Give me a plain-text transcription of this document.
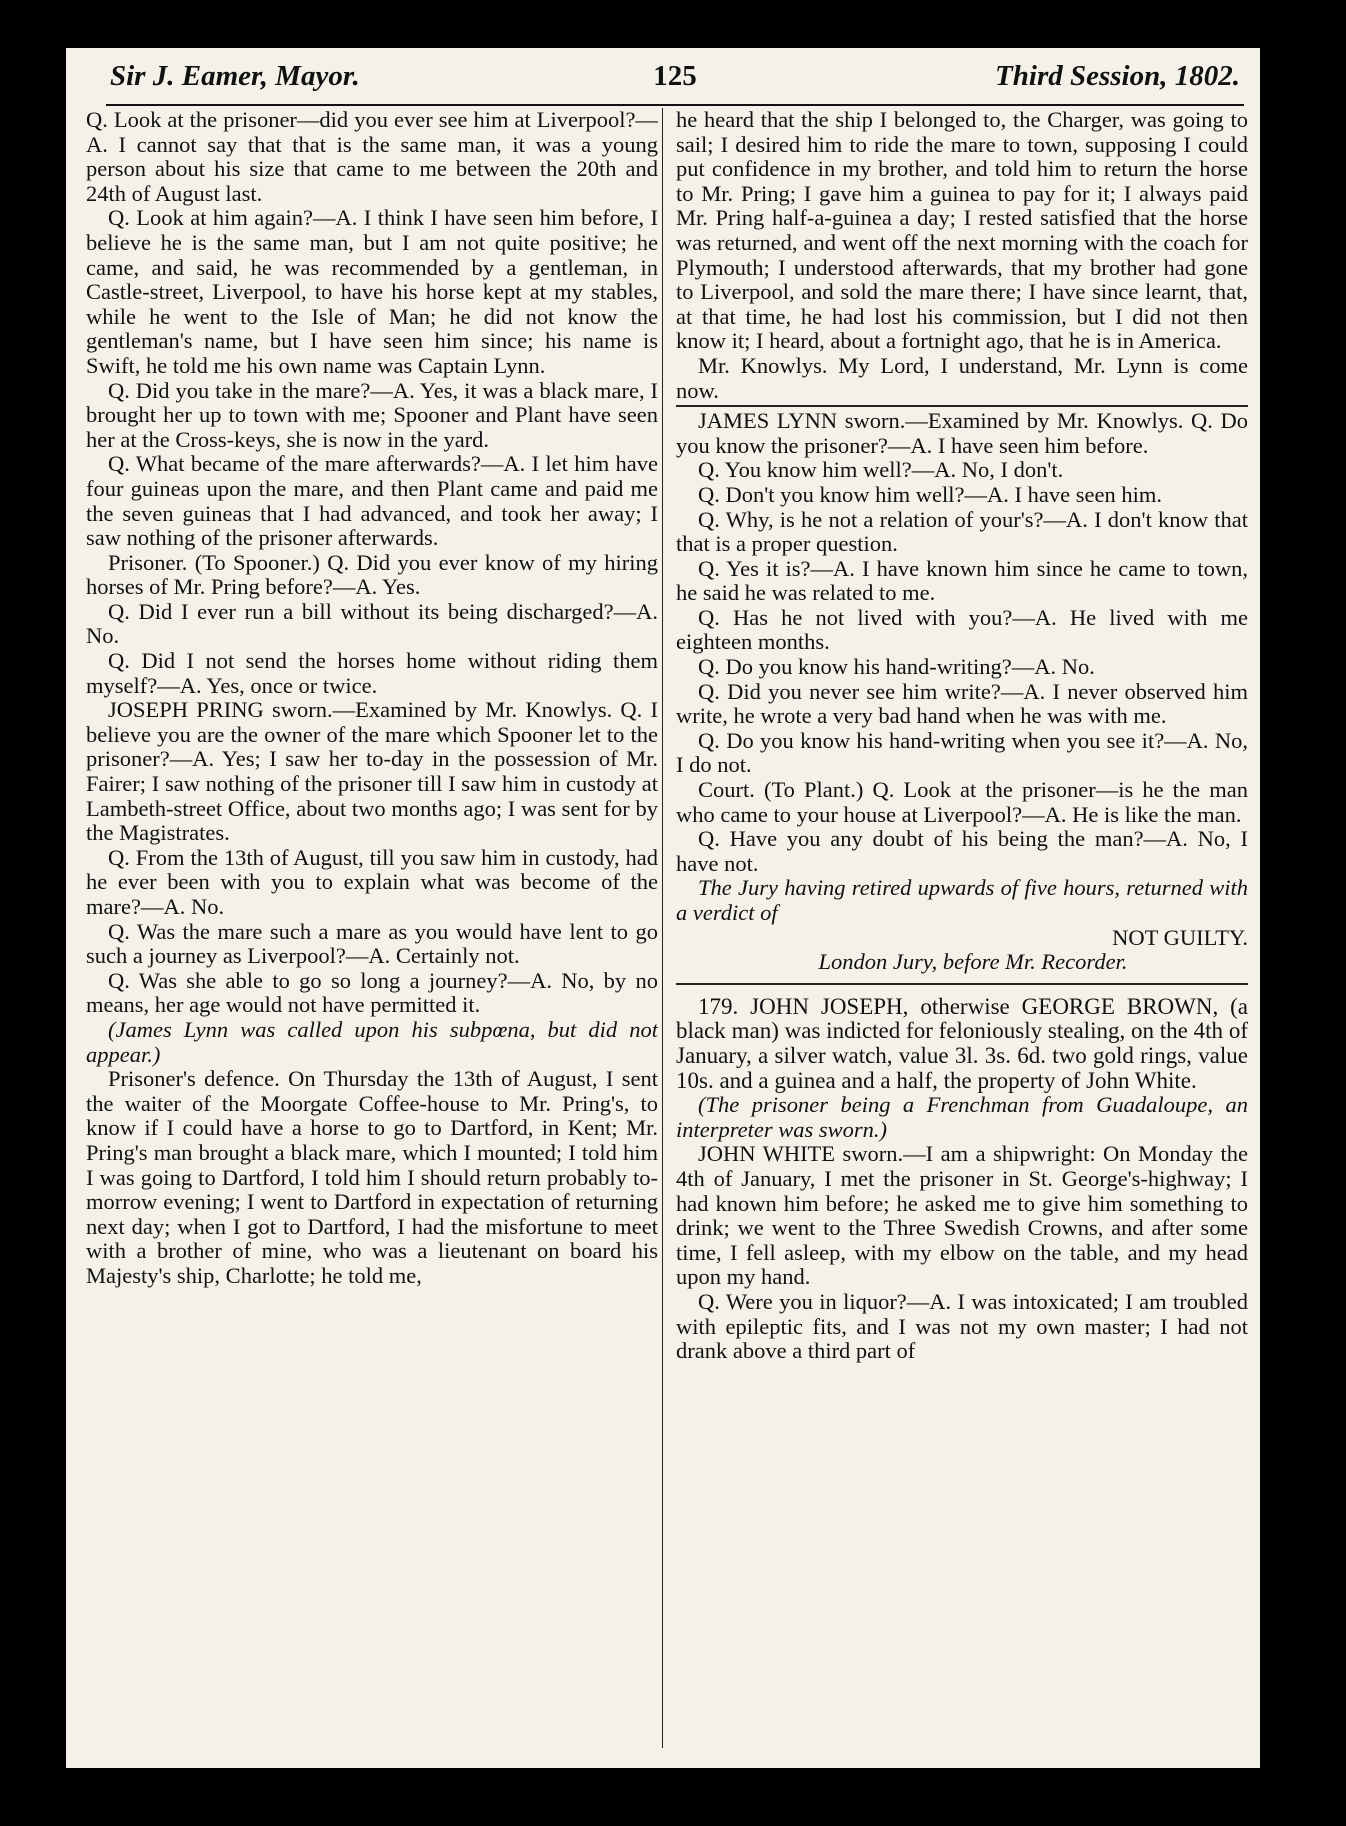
Sir J. Eamer, Mayor.	125	Third Session, 1802.

Q. Look at the prisoner—did you ever see him at Liverpool?—A. I cannot say that that is the same man, it was a young person about his size that came to me between the 20th and 24th of August last.

Q. Look at him again?—A. I think I have seen him before, I believe he is the same man, but I am not quite positive; he came, and said, he was recommended by a gentleman, in Castle-street, Liverpool, to have his horse kept at my stables, while he went to the Isle of Man; he did not know the gentleman's name, but I have seen him since; his name is Swift, he told me his own name was Captain Lynn.

Q. Did you take in the mare?—A. Yes, it was a black mare, I brought her up to town with me; Spooner and Plant have seen her at the Cross-keys, she is now in the yard.

Q. What became of the mare afterwards?—A. I let him have four guineas upon the mare, and then Plant came and paid me the seven guineas that I had advanced, and took her away; I saw nothing of the prisoner afterwards.

Prisoner. (To Spooner.) Q. Did you ever know of my hiring horses of Mr. Pring before?—A. Yes.

Q. Did I ever run a bill without its being discharged?—A. No.

Q. Did I not send the horses home without riding them myself?—A. Yes, once or twice.

JOSEPH PRING sworn.—Examined by Mr. Knowlys. Q. I believe you are the owner of the mare which Spooner let to the prisoner?—A. Yes; I saw her to-day in the possession of Mr. Fairer; I saw nothing of the prisoner till I saw him in custody at Lambeth-street Office, about two months ago; I was sent for by the Magistrates.

Q. From the 13th of August, till you saw him in custody, had he ever been with you to explain what was become of the mare?—A. No.

Q. Was the mare such a mare as you would have lent to go such a journey as Liverpool?—A. Certainly not.

Q. Was she able to go so long a journey?—A. No, by no means, her age would not have permitted it.

(James Lynn was called upon his subpœna, but did not appear.)

Prisoner's defence. On Thursday the 13th of August, I sent the waiter of the Moorgate Coffee-house to Mr. Pring's, to know if I could have a horse to go to Dartford, in Kent; Mr. Pring's man brought a black mare, which I mounted; I told him I was going to Dartford, I told him I should return probably to-morrow evening; I went to Dartford in expectation of returning next day; when I got to Dartford, I had the misfortune to meet with a brother of mine, who was a lieutenant on board his Majesty's ship, Charlotte; he told me,

he heard that the ship I belonged to, the Charger, was going to sail; I desired him to ride the mare to town, supposing I could put confidence in my brother, and told him to return the horse to Mr. Pring; I gave him a guinea to pay for it; I always paid Mr. Pring half-a-guinea a day; I rested satisfied that the horse was returned, and went off the next morning with the coach for Plymouth; I understood afterwards, that my brother had gone to Liverpool, and sold the mare there; I have since learnt, that, at that time, he had lost his commission, but I did not then know it; I heard, about a fortnight ago, that he is in America.

Mr. Knowlys. My Lord, I understand, Mr. Lynn is come now.

JAMES LYNN sworn.—Examined by Mr. Knowlys. Q. Do you know the prisoner?—A. I have seen him before.

Q. You know him well?—A. No, I don't.

Q. Don't you know him well?—A. I have seen him.

Q. Why, is he not a relation of your's?—A. I don't know that that is a proper question.

Q. Yes it is?—A. I have known him since he came to town, he said he was related to me.

Q. Has he not lived with you?—A. He lived with me eighteen months.

Q. Do you know his hand-writing?—A. No.

Q. Did you never see him write?—A. I never observed him write, he wrote a very bad hand when he was with me.

Q. Do you know his hand-writing when you see it?—A. No, I do not.

Court. (To Plant.) Q. Look at the prisoner—is he the man who came to your house at Liverpool?—A. He is like the man.

Q. Have you any doubt of his being the man?—A. No, I have not.

The Jury having retired upwards of five hours, returned with a verdict of

NOT GUILTY.

London Jury, before Mr. Recorder.

179. JOHN JOSEPH, otherwise GEORGE BROWN, (a black man) was indicted for feloniously stealing, on the 4th of January, a silver watch, value 3l. 3s. 6d. two gold rings, value 10s. and a guinea and a half, the property of John White.

(The prisoner being a Frenchman from Guadaloupe, an interpreter was sworn.)

JOHN WHITE sworn.—I am a shipwright: On Monday the 4th of January, I met the prisoner in St. George's-highway; I had known him before; he asked me to give him something to drink; we went to the Three Swedish Crowns, and after some time, I fell asleep, with my elbow on the table, and my head upon my hand.

Q. Were you in liquor?—A. I was intoxicated; I am troubled with epileptic fits, and I was not my own master; I had not drank above a third part of
